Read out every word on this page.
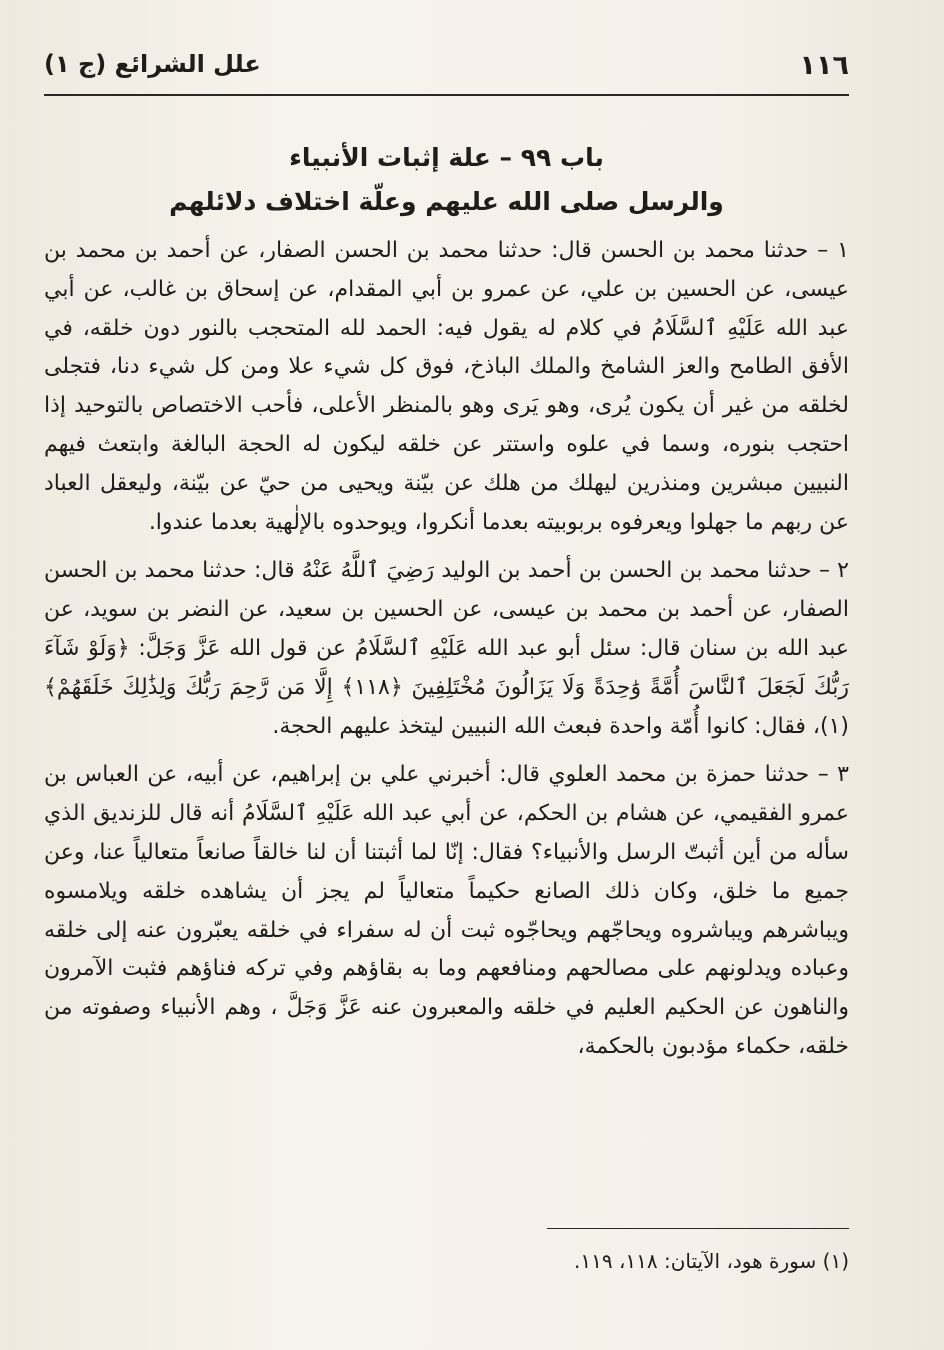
١١٦
علل الشرائع (ج ١)
باب ٩٩ – علة إثبات الأنبياء
والرسل صلى الله عليهم وعلّة اختلاف دلائلهم

١ – حدثنا محمد بن الحسن قال: حدثنا محمد بن الحسن الصفار، عن أحمد بن محمد بن عيسى، عن الحسين بن علي، عن عمرو بن أبي المقدام، عن إسحاق بن غالب، عن أبي عبد الله عَلَيْهِ ٱلسَّلَامُ في كلام له يقول فيه: الحمد لله المتحجب بالنور دون خلقه، في الأفق الطامح والعز الشامخ والملك الباذخ، فوق كل شيء علا ومن كل شيء دنا، فتجلى لخلقه من غير أن يكون يُرى، وهو يَرى وهو بالمنظر الأعلى، فأحب الاختصاص بالتوحيد إذا احتجب بنوره، وسما في علوه واستتر عن خلقه ليكون له الحجة البالغة وابتعث فيهم النبيين مبشرين ومنذرين ليهلك من هلك عن بيّنة ويحيى من حيّ عن بيّنة، وليعقل العباد عن ربهم ما جهلوا ويعرفوه بربوبيته بعدما أنكروا، ويوحدوه بالإلٰهية بعدما عندوا.

٢ – حدثنا محمد بن الحسن بن أحمد بن الوليد رَضِيَ ٱللَّهُ عَنْهُ قال: حدثنا محمد بن الحسن الصفار، عن أحمد بن محمد بن عيسى، عن الحسين بن سعيد، عن النضر بن سويد، عن عبد الله بن سنان قال: سئل أبو عبد الله عَلَيْهِ ٱلسَّلَامُ عن قول الله عَزَّ وَجَلَّ: ﴿وَلَوْ شَآءَ رَبُّكَ لَجَعَلَ ٱلنَّاسَ أُمَّةً وَٰحِدَةً وَلَا يَزَالُونَ مُخْتَلِفِينَ ﴿١١٨﴾ إِلَّا مَن رَّحِمَ رَبُّكَ وَلِذَٰلِكَ خَلَقَهُمْ﴾(١)، فقال: كانوا أُمّة واحدة فبعث الله النبيين ليتخذ عليهم الحجة.

٣ – حدثنا حمزة بن محمد العلوي قال: أخبرني علي بن إبراهيم، عن أبيه، عن العباس بن عمرو الفقيمي، عن هشام بن الحكم، عن أبي عبد الله عَلَيْهِ ٱلسَّلَامُ أنه قال للزنديق الذي سأله من أين أثبتّ الرسل والأنبياء؟ فقال: إنّا لما أثبتنا أن لنا خالقاً صانعاً متعالياً عنا، وعن جميع ما خلق، وكان ذلك الصانع حكيماً متعالياً لم يجز أن يشاهده خلقه ويلامسوه ويباشرهم ويباشروه ويحاجّهم ويحاجّوه ثبت أن له سفراء في خلقه يعبّرون عنه إلى خلقه وعباده ويدلونهم على مصالحهم ومنافعهم وما به بقاؤهم وفي تركه فناؤهم فثبت الآمرون والناهون عن الحكيم العليم في خلقه والمعبرون عنه عَزَّ وَجَلَّ ، وهم الأنبياء وصفوته من خلقه، حكماء مؤدبون بالحكمة،

(١) سورة هود، الآيتان: ١١٨، ١١٩.
